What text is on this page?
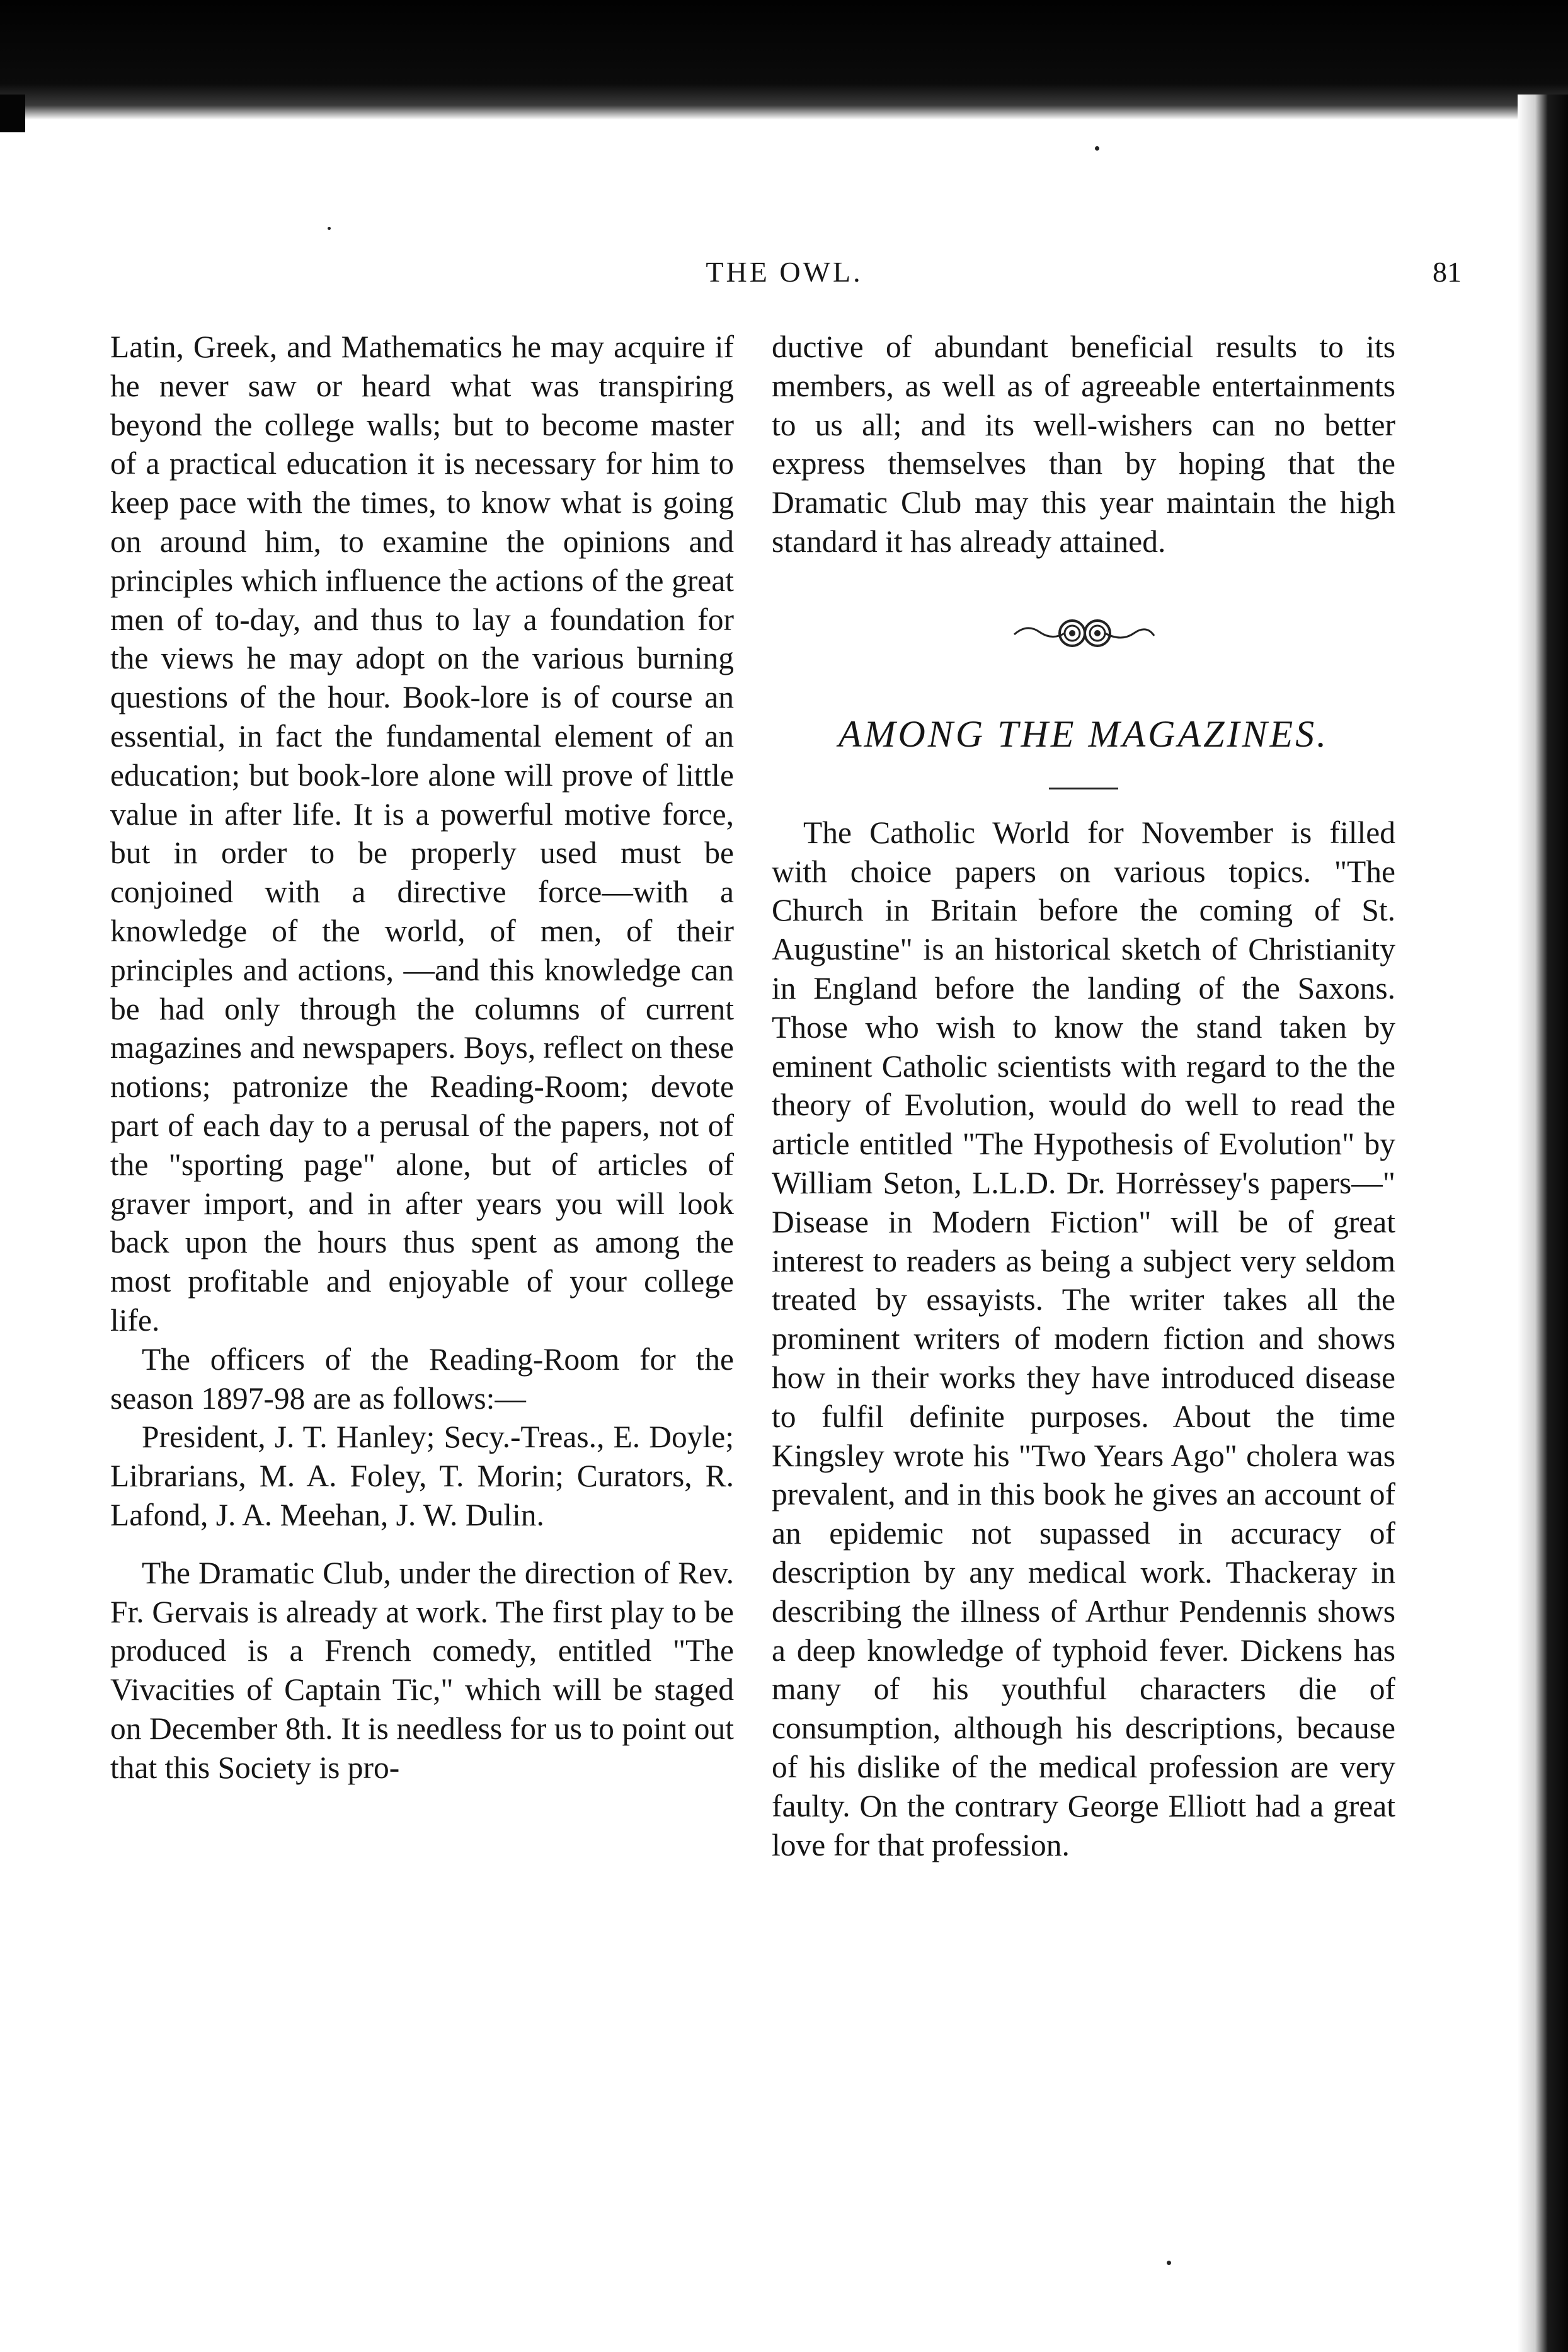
THE OWL.	81

Latin, Greek, and Mathematics he may acquire if he never saw or heard what was transpiring beyond the college walls; but to become master of a practical education it is necessary for him to keep pace with the times, to know what is going on around him, to examine the opinions and principles which influence the actions of the great men of to-day, and thus to lay a foundation for the views he may adopt on the various burning questions of the hour. Book-lore is of course an essential, in fact the fundamental element of an education; but book-lore alone will prove of little value in after life. It is a powerful motive force, but in order to be properly used must be conjoined with a directive force—with a knowledge of the world, of men, of their principles and actions, —and this knowledge can be had only through the columns of current magazines and newspapers. Boys, reflect on these notions; patronize the Reading-Room; devote part of each day to a perusal of the papers, not of the "sporting page" alone, but of articles of graver import, and in after years you will look back upon the hours thus spent as among the most profitable and enjoyable of your college life.

The officers of the Reading-Room for the season 1897-98 are as follows:—

President, J. T. Hanley; Secy.-Treas., E. Doyle; Librarians, M. A. Foley, T. Morin; Curators, R. Lafond, J. A. Meehan, J. W. Dulin.

The Dramatic Club, under the direction of Rev. Fr. Gervais is already at work. The first play to be produced is a French comedy, entitled "The Vivacities of Captain Tic," which will be staged on December 8th. It is needless for us to point out that this Society is pro-

ductive of abundant beneficial results to its members, as well as of agreeable entertainments to us all; and its well-wishers can no better express themselves than by hoping that the Dramatic Club may this year maintain the high standard it has already attained.

AMONG THE MAGAZINES.

The Catholic World for November is filled with choice papers on various topics. "The Church in Britain before the coming of St. Augustine" is an historical sketch of Christianity in England before the landing of the Saxons. Those who wish to know the stand taken by eminent Catholic scientists with regard to the the theory of Evolution, would do well to read the article entitled "The Hypothesis of Evolution" by William Seton, L.L.D. Dr. Horrėssey's papers—" Disease in Modern Fiction" will be of great interest to readers as being a subject very seldom treated by essayists. The writer takes all the prominent writers of modern fiction and shows how in their works they have introduced disease to fulfil definite purposes. About the time Kingsley wrote his "Two Years Ago" cholera was prevalent, and in this book he gives an account of an epidemic not supassed in accuracy of description by any medical work. Thackeray in describing the illness of Arthur Pendennis shows a deep knowledge of typhoid fever. Dickens has many of his youthful characters die of consumption, although his descriptions, because of his dislike of the medical profession are very faulty. On the contrary George Elliott had a great love for that profession.
